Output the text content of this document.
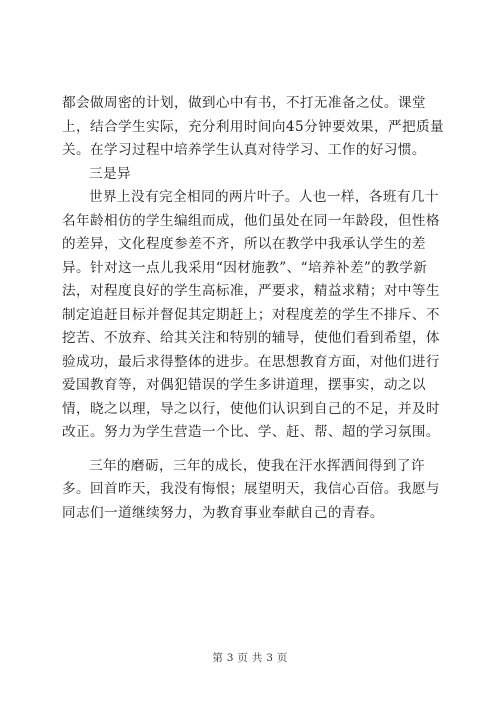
都会做周密的计划，做到心中有书，不打无准备之仗。课堂上，结合学生实际，充分利用时间向45分钟要效果，严把质量关。在学习过程中培养学生认真对待学习、工作的好习惯。

三是异

世界上没有完全相同的两片叶子。人也一样，各班有几十名年龄相仿的学生编组而成，他们虽处在同一年龄段，但性格的差异，文化程度参差不齐，所以在教学中我承认学生的差异。针对这一点儿我采用“因材施教”、“培养补差”的教学新法，对程度良好的学生高标准，严要求，精益求精；对中等生制定追赶目标并督促其定期赶上；对程度差的学生不排斥、不挖苦、不放弃、给其关注和特别的辅导，使他们看到希望，体验成功，最后求得整体的进步。在思想教育方面，对他们进行爱国教育等，对偶犯错误的学生多讲道理，摆事实，动之以情，晓之以理，导之以行，使他们认识到自己的不足，并及时改正。努力为学生营造一个比、学、赶、帮、超的学习氛围。

三年的磨砺，三年的成长，使我在汗水挥洒间得到了许多。回首昨天，我没有悔恨；展望明天，我信心百倍。我愿与同志们一道继续努力，为教育事业奉献自己的青春。

第 3 页 共 3 页
